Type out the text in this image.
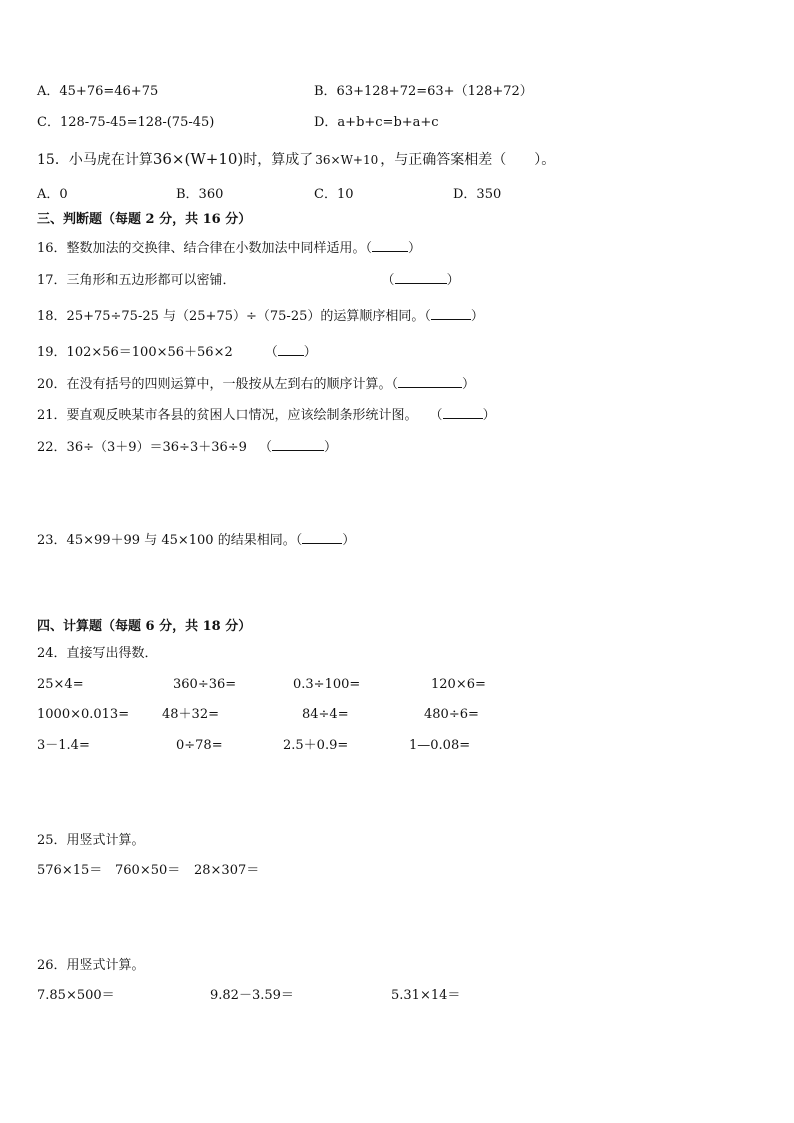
A．45+76=46+75	B．63+128+72=63+（128+72）
C．128-75-45=128-(75-45)	D．a+b+c=b+a+c
15．小马虎在计算36×(W+10)时，算成了 36×W+10 ，与正确答案相差（　　）。
A．0	B．360	C．10	D．350
三、判断题（每题 2 分，共 16 分）
16．整数加法的交换律、结合律在小数加法中同样适用。（	）
17．三角形和五边形都可以密铺．	（	）
18．25+75÷75-25 与（25+75）÷（75-25）的运算顺序相同。（	）
19．102×56＝100×56＋56×2 （ ）
20．在没有括号的四则运算中，一般按从左到右的顺序计算。（	）
21．要直观反映某市各县的贫困人口情况，应该绘制条形统计图。 （	）
22．36÷（3＋9）＝36÷3＋36÷9 （	）
23．45×99＋99 与 45×100 的结果相同。（	）
四、计算题（每题 6 分，共 18 分）
24．直接写出得数．
25×4=	360÷36=	0.3÷100=	120×6=
1000×0.013=	48＋32=	84÷4=	480÷6=
3－1.4=	0÷78=	2.5＋0.9=	1—0.08=
25．用竖式计算。
576×15＝ 760×50＝ 28×307＝
26．用竖式计算。
7.85×500＝	9.82－3.59＝	5.31×14＝
